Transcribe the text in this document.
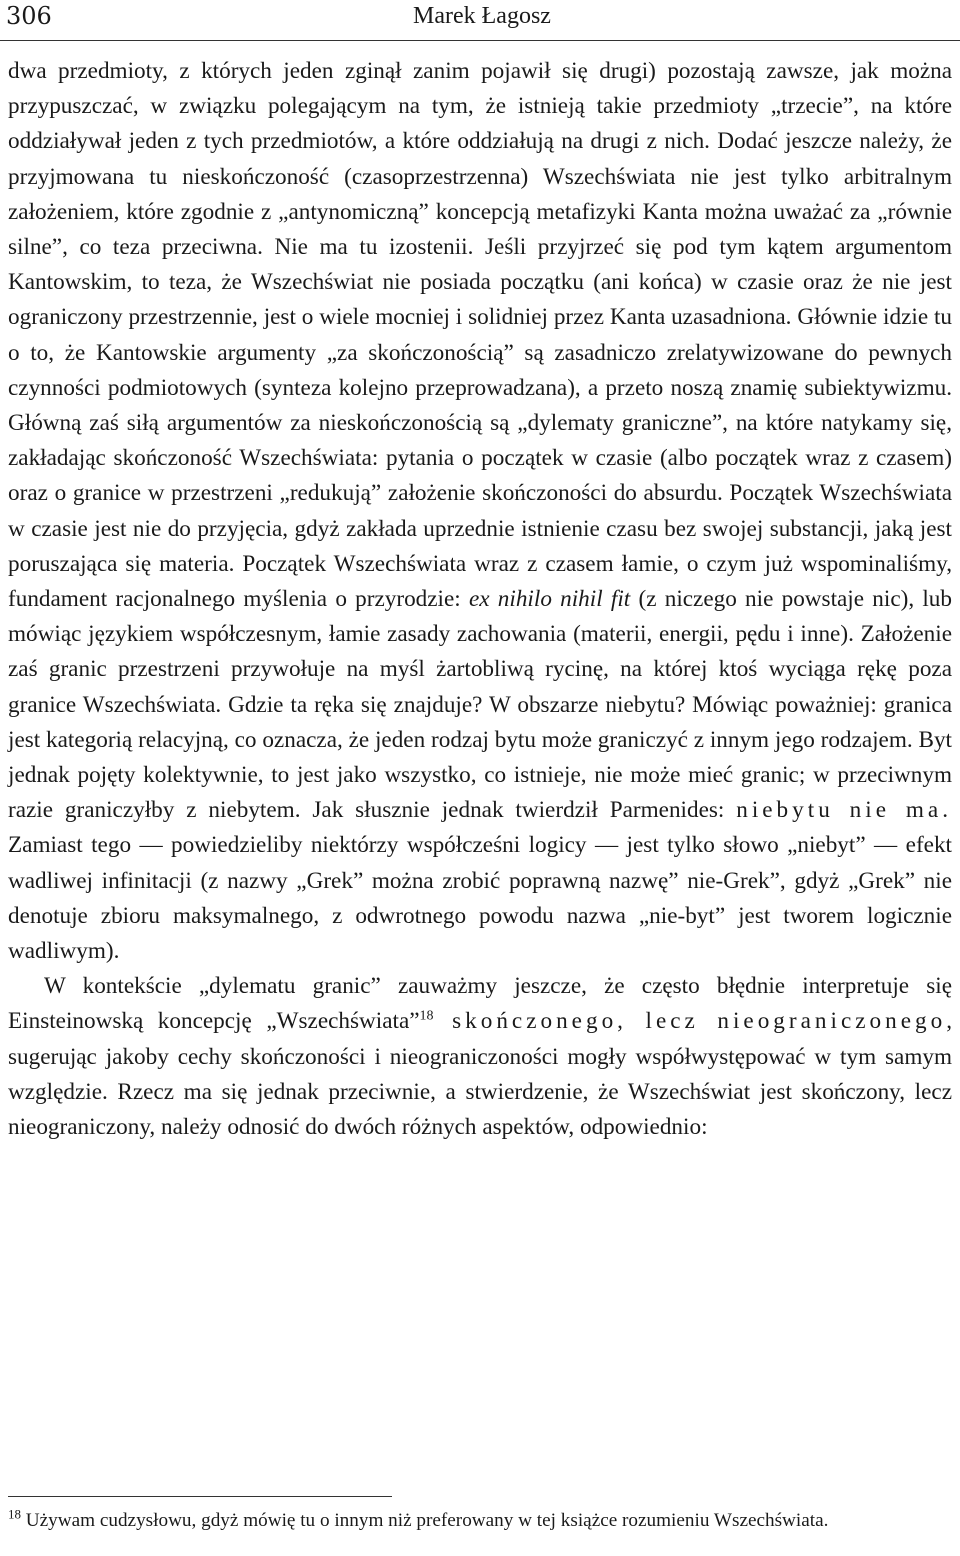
306	Marek Łagosz

dwa przedmioty, z których jeden zginął zanim pojawił się drugi) pozostają zawsze, jak można przypuszczać, w związku polegającym na tym, że istnieją takie przedmioty „trzecie”, na które oddziaływał jeden z tych przedmiotów, a które oddziałują na drugi z nich. Dodać jeszcze należy, że przyjmowana tu nieskończoność (czasoprzestrzenna) Wszechświata nie jest tylko arbitralnym założeniem, które zgodnie z „antynomiczną” koncepcją metafizyki Kanta można uważać za „równie silne”, co teza przeciwna. Nie ma tu izostenii. Jeśli przyjrzeć się pod tym kątem argumentom Kantowskim, to teza, że Wszechświat nie posiada początku (ani końca) w czasie oraz że nie jest ograniczony przestrzennie, jest o wiele mocniej i solidniej przez Kanta uzasadniona. Głównie idzie tu o to, że Kantowskie argumenty „za skończonością” są zasadniczo zrelatywizowane do pewnych czynności podmiotowych (synteza kolejno przeprowadzana), a przeto noszą znamię subiektywizmu. Główną zaś siłą argumentów za nieskończonością są „dylematy graniczne”, na które natykamy się, zakładając skończoność Wszechświata: pytania o początek w czasie (albo początek wraz z czasem) oraz o granice w przestrzeni „redukują” założenie skończoności do absurdu. Początek Wszechświata w czasie jest nie do przyjęcia, gdyż zakłada uprzednie istnienie czasu bez swojej substancji, jaką jest poruszająca się materia. Początek Wszechświata wraz z czasem łamie, o czym już wspominaliśmy, fundament racjonalnego myślenia o przyrodzie: ex nihilo nihil fit (z niczego nie powstaje nic), lub mówiąc językiem współczesnym, łamie zasady zachowania (materii, energii, pędu i inne). Założenie zaś granic przestrzeni przywołuje na myśl żartobliwą rycinę, na której ktoś wyciąga rękę poza granice Wszechświata. Gdzie ta ręka się znajduje? W obszarze niebytu? Mówiąc poważniej: granica jest kategorią relacyjną, co oznacza, że jeden rodzaj bytu może graniczyć z innym jego rodzajem. Byt jednak pojęty kolektywnie, to jest jako wszystko, co istnieje, nie może mieć granic; w przeciwnym razie graniczyłby z niebytem. Jak słusznie jednak twierdził Parmenides: niebytu nie ma. Zamiast tego — powiedzieliby niektórzy współcześni logicy — jest tylko słowo „niebyt” — efekt wadliwej infinitacji (z nazwy „Grek” można zrobić poprawną nazwę” nie-Grek”, gdyż „Grek” nie denotuje zbioru maksymalnego, z odwrotnego powodu nazwa „nie-byt” jest tworem logicznie wadliwym).

W kontekście „dylematu granic” zauważmy jeszcze, że często błędnie interpretuje się Einsteinowską koncepcję „Wszechświata”$^{18}$ skończonego, lecz nieograniczonego, sugerując jakoby cechy skończoności i nieograniczoności mogły współwystępować w tym samym względzie. Rzecz ma się jednak przeciwnie, a stwierdzenie, że Wszechświat jest skończony, lecz nieograniczony, należy odnosić do dwóch różnych aspektów, odpowiednio:

$^{18}$ Używam cudzysłowu, gdyż mówię tu o innym niż preferowany w tej książce rozumieniu Wszechświata.
